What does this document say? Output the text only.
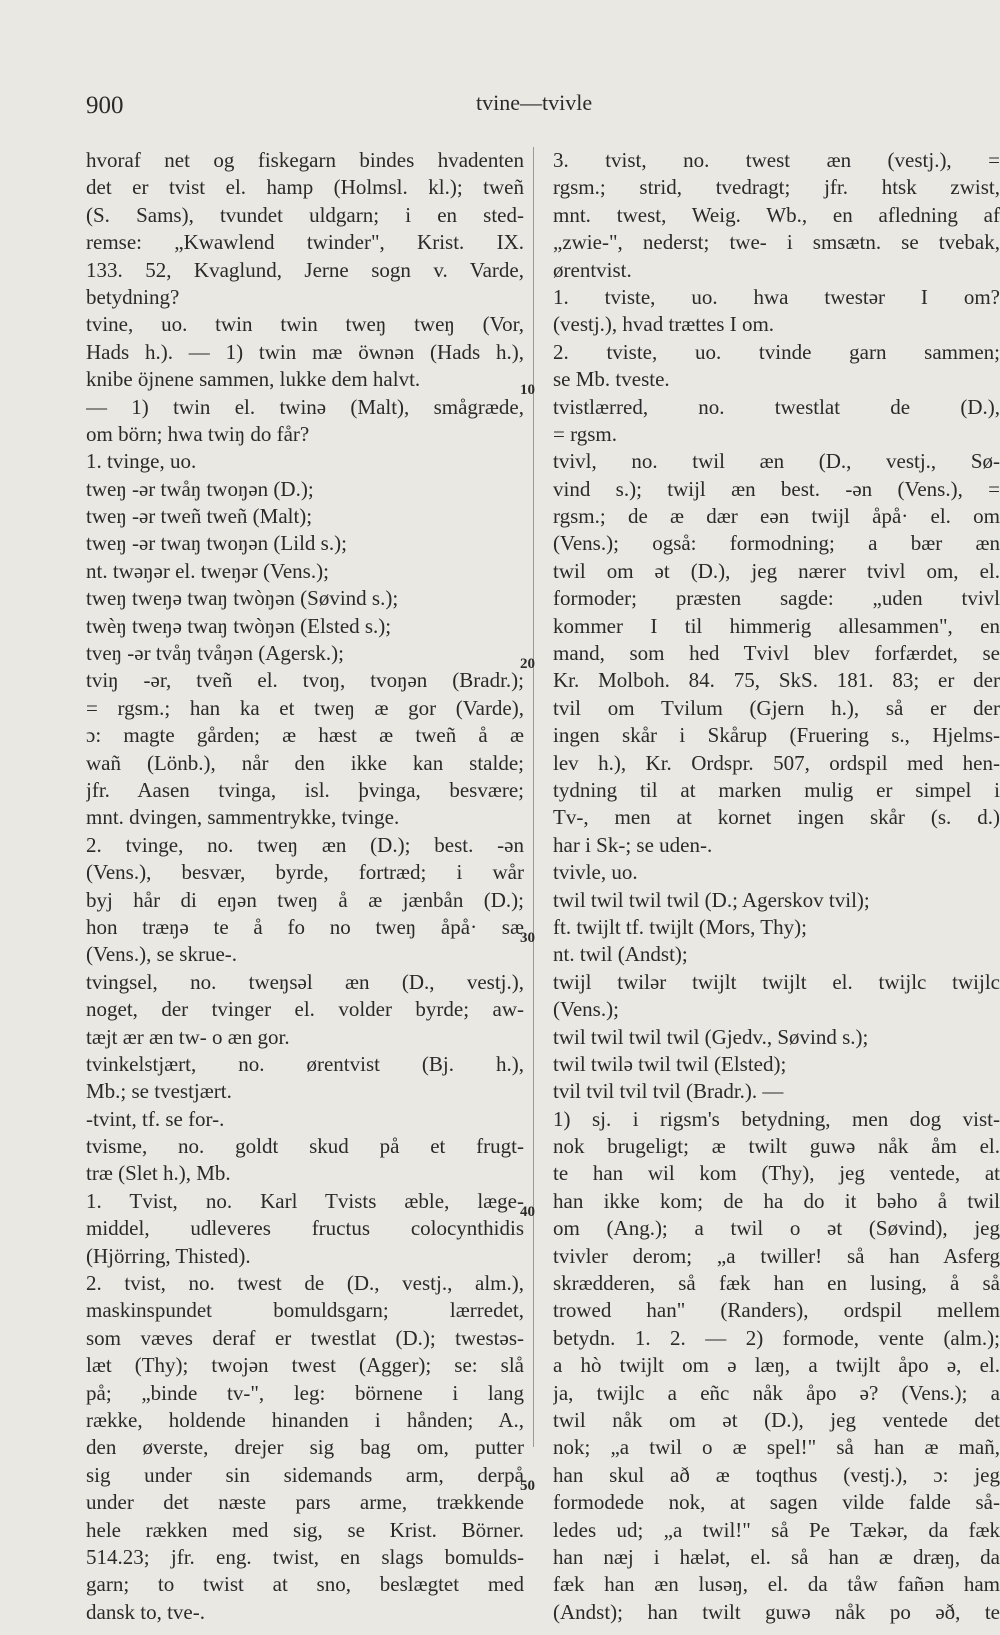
900	tvine—tvivle
hvoraf net og fiskegarn bindes hvadenten
det er tvist el. hamp (Holmsl. kl.); tweñ
(S. Sams), tvundet uldgarn; i en sted-
remse: „Kwawlend twinder", Krist. IX.
133. 52, Kvaglund, Jerne sogn v. Varde,
betydning?
tvine, uo. twin twin tweŋ tweŋ (Vor,
Hads h.). — 1) twin mæ öwnən (Hads h.),
knibe öjnene sammen, lukke dem halvt.
— 1) twin el. twinə (Malt), smågræde,
om börn; hwa twiŋ do får?
1. tvinge, uo.
tweŋ -ər twåŋ twoŋən (D.);
tweŋ -ər tweñ tweñ (Malt);
tweŋ -ər twaŋ twoŋən (Lild s.);
nt. twəŋər el. tweŋər (Vens.);
tweŋ tweŋə twaŋ twòŋən (Søvind s.);
twèŋ tweŋə twaŋ twòŋən (Elsted s.);
tveŋ -ər tvåŋ tvåŋən (Agersk.);
tviŋ -ər, tveñ el. tvoŋ, tvoŋən (Bradr.);
= rgsm.; han ka et tweŋ æ gor (Varde),
ɔ: magte gården; æ hæst æ tweñ å æ
wañ (Lönb.), når den ikke kan stalde;
jfr. Aasen tvinga, isl. þvinga, besvære;
mnt. dvingen, sammentrykke, tvinge.
2. tvinge, no. tweŋ æn (D.); best. -ən
(Vens.), besvær, byrde, fortræd; i wår
byj hår di eŋən tweŋ å æ jænbån (D.);
hon træŋə te å fo no tweŋ åpå· sæ
(Vens.), se skrue-.
tvingsel, no. tweŋsəl æn (D., vestj.),
noget, der tvinger el. volder byrde; aw-
tæjt ær æn tw- o æn gor.
tvinkelstjært, no. ørentvist (Bj. h.),
Mb.; se tvestjært.
-tvint, tf. se for-.
tvisme, no. goldt skud på et frugt-
træ (Slet h.), Mb.
1. Tvist, no. Karl Tvists æble, læge-
middel, udleveres fructus colocynthidis
(Hjörring, Thisted).
2. tvist, no. twest de (D., vestj., alm.),
maskinspundet bomuldsgarn; lærredet,
som væves deraf er twestlat (D.); twestəs-
læt (Thy); twojən twest (Agger); se: slå
på; „binde tv-", leg: börnene i lang
række, holdende hinanden i hånden; A.,
den øverste, drejer sig bag om, putter
sig under sin sidemands arm, derpå
under det næste pars arme, trækkende
hele rækken med sig, se Krist. Börner.
514.23; jfr. eng. twist, en slags bomulds-
garn; to twist at sno, beslægtet med
dansk to, tve-.
3. tvist, no. twest æn (vestj.), =
rgsm.; strid, tvedragt; jfr. htsk zwist,
mnt. twest, Weig. Wb., en afledning af
„zwie-", nederst; twe- i smsætn. se tvebak,
ørentvist.
1. tviste, uo. hwa twestər I om?
(vestj.), hvad trættes I om.
2. tviste, uo. tvinde garn sammen;
se Mb. tveste.
tvistlærred, no. twestlat de (D.),
= rgsm.
tvivl, no. twil æn (D., vestj., Sø-
vind s.); twijl æn best. -ən (Vens.), =
rgsm.; de æ dær eən twijl åpå· el. om
(Vens.); også: formodning; a bær æn
twil om ət (D.), jeg nærer tvivl om, el.
formoder; præsten sagde: „uden tvivl
kommer I til himmerig allesammen", en
mand, som hed Tvivl blev forfærdet, se
Kr. Molboh. 84. 75, SkS. 181. 83; er der
tvil om Tvilum (Gjern h.), så er der
ingen skår i Skårup (Fruering s., Hjelms-
lev h.), Kr. Ordspr. 507, ordspil med hen-
tydning til at marken mulig er simpel i
Tv-, men at kornet ingen skår (s. d.)
har i Sk-; se uden-.
tvivle, uo.
twil twil twil twil (D.; Agerskov tvil);
ft. twijlt tf. twijlt (Mors, Thy);
nt. twil (Andst);
twijl twilər twijlt twijlt el. twijlc twijlc
(Vens.);
twil twil twil twil (Gjedv., Søvind s.);
twil twilə twil twil (Elsted);
tvil tvil tvil tvil (Bradr.). —
1) sj. i rigsm's betydning, men dog vist-
nok brugeligt; æ twilt guwə nåk åm el.
te han wil kom (Thy), jeg ventede, at
han ikke kom; de ha do it bəho å twil
om (Ang.); a twil o ət (Søvind), jeg
tvivler derom; „a twiller! så han Asferg
skrædderen, så fæk han en lusing, å så
trowed han" (Randers), ordspil mellem
betydn. 1. 2. — 2) formode, vente (alm.);
a hò twijlt om ə læŋ, a twijlt åpo ə, el.
ja, twijlc a eñc nåk åpo ə? (Vens.); a
twil nåk om ət (D.), jeg ventede det
nok; „a twil o æ spel!" så han æ mañ,
han skul að æ toqthus (vestj.), ɔ: jeg
formodede nok, at sagen vilde falde så-
ledes ud; „a twil!" så Pe Tækər, da fæk
han næj i hælət, el. så han æ dræŋ, da
fæk han æn lusəŋ, el. da tåw fañən ham
(Andst); han twilt guwə nåk po əð, te
10
20
30
40
50
